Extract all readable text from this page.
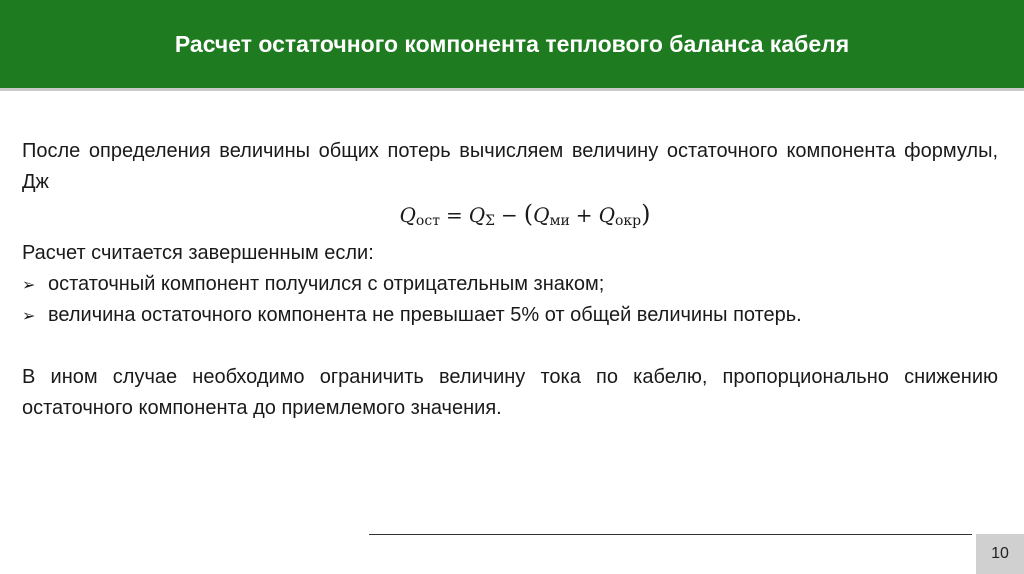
Расчет остаточного компонента теплового баланса кабеля

После определения величины общих потерь вычисляем величину остаточного компонента формулы, Дж

$Q_{ост} = Q_\Sigma - (Q_{ми} + Q_{окр})$

Расчет считается завершенным если:

➢ остаточный компонент получился с отрицательным знаком;
➢ величина остаточного компонента не превышает 5% от общей величины потерь.

В ином случае необходимо ограничить величину тока по кабелю, пропорционально снижению остаточного компонента до приемлемого значения.

10
